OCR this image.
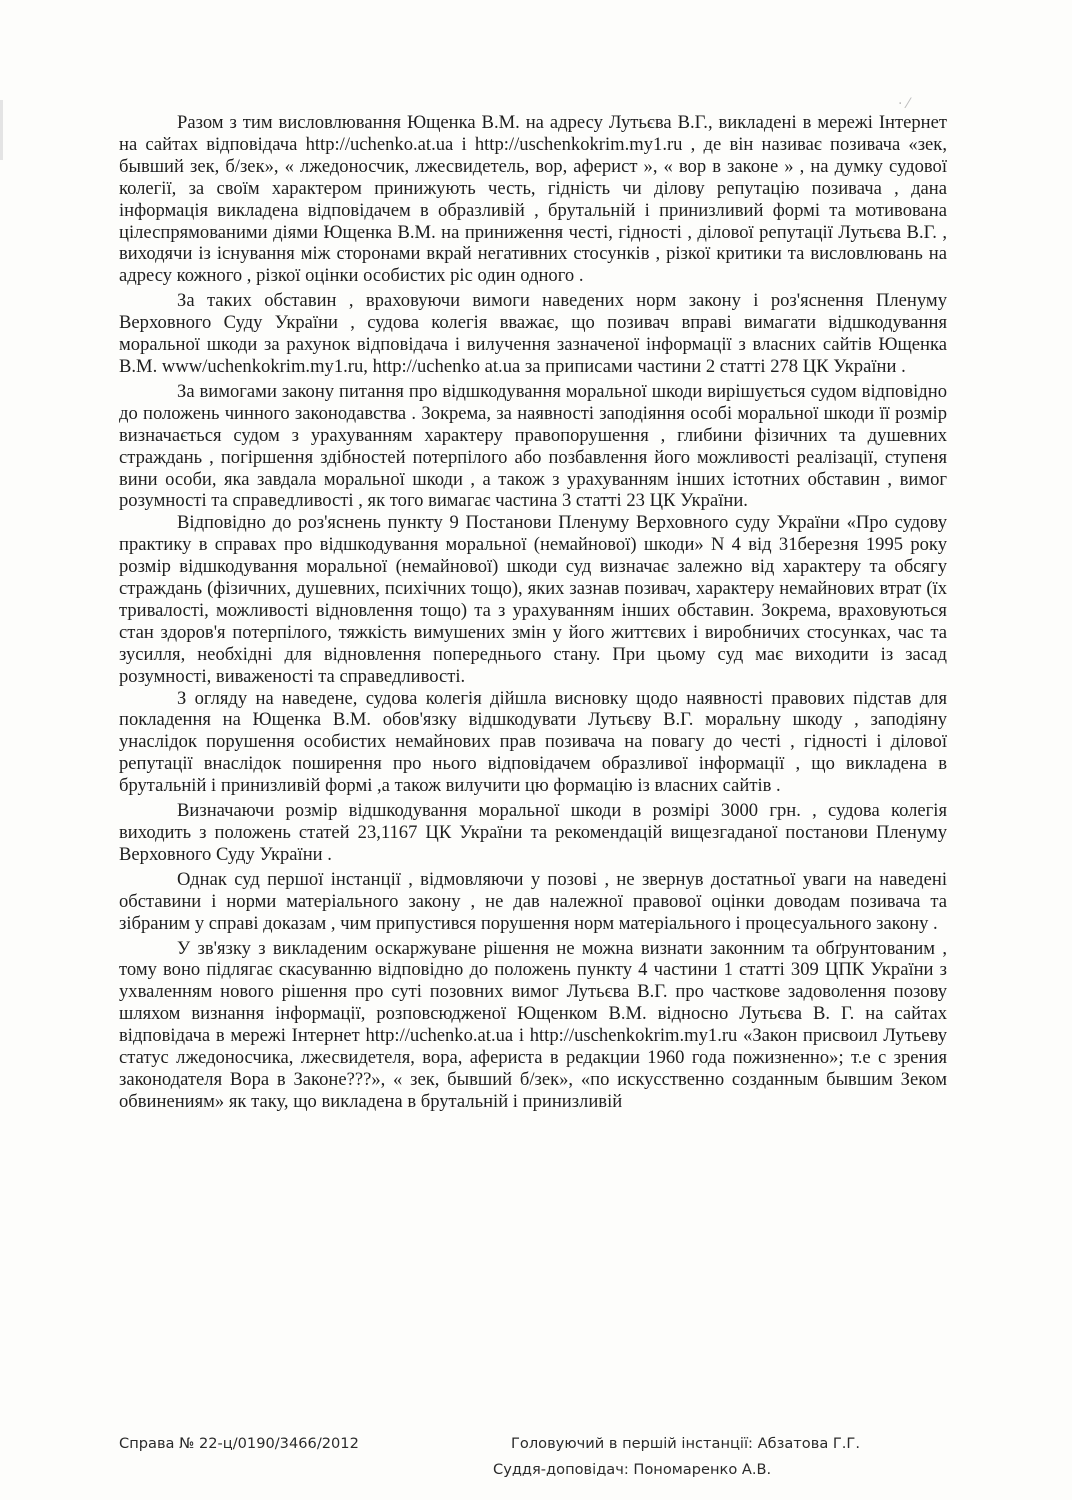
· ⁄

Разом з тим висловлювання Ющенка В.М. на адресу Лутьєва В.Г., викладені в мережі Інтернет на сайтах відповідача http://uchenko.at.ua і http://uschenkokrim.my1.ru , де він називає позивача «зек, бывший зек, б/зек», « лжедоносчик, лжесвидетель, вор, аферист », « вор в законе » , на думку судової колегії, за своїм характером принижують честь, гідність чи ділову репутацію позивача , дана інформація викладена відповідачем в образливій , брутальній і принизливий формі та мотивована цілеспрямованими діями Ющенка В.М. на приниження честі, гідності , ділової репутації Лутьєва В.Г. , виходячи із існування між сторонами вкрай негативних стосунків , різкої критики та висловлювань на адресу кожного , різкої оцінки особистих ріс один одного .

За таких обставин , враховуючи вимоги наведених норм закону і роз'яснення Пленуму Верховного Суду України , судова колегія вважає, що позивач вправі вимагати відшкодування моральної шкоди за рахунок відповідача і вилучення зазначеної інформації з власних сайтів Ющенка В.М. www/uchenkokrim.my1.ru, http://uchenko at.ua за приписами частини 2 статті 278 ЦК України .

За вимогами закону питання про відшкодування моральної шкоди вирішується судом відповідно до положень чинного законодавства . Зокрема, за наявності заподіяння особі моральної шкоди її розмір визначається судом з урахуванням характеру правопорушення , глибини фізичних та душевних страждань , погіршення здібностей потерпілого або позбавлення його можливості реалізації, ступеня вини особи, яка завдала моральної шкоди , а також з урахуванням інших істотних обставин , вимог розумності та справедливості , як того вимагає частина 3 статті 23 ЦК України.

Відповідно до роз'яснень пункту 9 Постанови Пленуму Верховного суду України «Про судову практику в справах про відшкодування моральної (немайнової) шкоди» N 4 від 31березня 1995 року розмір відшкодування моральної (немайнової) шкоди суд визначає залежно від характеру та обсягу страждань (фізичних, душевних, психічних тощо), яких зазнав позивач, характеру немайнових втрат (їх тривалості, можливості відновлення тощо) та з урахуванням інших обставин. Зокрема, враховуються стан здоров'я потерпілого, тяжкість вимушених змін у його життєвих і виробничих стосунках, час та зусилля, необхідні для відновлення попереднього стану. При цьому суд має виходити із засад розумності, виваженості та справедливості.

З огляду на наведене, судова колегія дійшла висновку щодо наявності правових підстав для покладення на Ющенка В.М. обов'язку відшкодувати Лутьєву В.Г. моральну шкоду , заподіяну унаслідок порушення особистих немайнових прав позивача на повагу до честі , гідності і ділової репутації внаслідок поширення про нього відповідачем образливої інформації , що викладена в брутальній і принизливій формі ,а також вилучити цю формацію із власних сайтів .

Визначаючи розмір відшкодування моральної шкоди в розмірі 3000 грн. , судова колегія виходить з положень статей 23,1167 ЦК України та рекомендацій вищезгаданої постанови Пленуму Верховного Суду України .

Однак суд першої інстанції , відмовляючи у позові , не звернув достатньої уваги на наведені обставини і норми матеріального закону , не дав належної правової оцінки доводам позивача та зібраним у справі доказам , чим припустився порушення норм матеріального і процесуального закону .

У зв'язку з викладеним оскаржуване рішення не можна визнати законним та обґрунтованим , тому воно підлягає скасуванню відповідно до положень пункту 4 частини 1 статті 309 ЦПК України з ухваленням нового рішення про суті позовних вимог Лутьєва В.Г. про часткове задоволення позову шляхом визнання інформації, розповсюдженої Ющенком В.М. відносно Лутьєва В. Г. на сайтах відповідача в мережі Інтернет http://uchenko.at.ua і http://uschenkokrim.my1.ru «Закон присвоил Лутьеву статус лжедоносчика, лжесвидетеля, вора, афериста в редакции 1960 года пожизненно»; т.е с зрения законодателя Вора в Законе???», « зек, бывший б/зек», «по искусственно созданным бывшим Зеком обвинениям» як таку, що викладена в брутальній і принизливій

Справа № 22-ц/0190/3466/2012	Головуючий в першій інстанції: Абзатова Г.Г.
Суддя-доповідач: Пономаренко А.В.
